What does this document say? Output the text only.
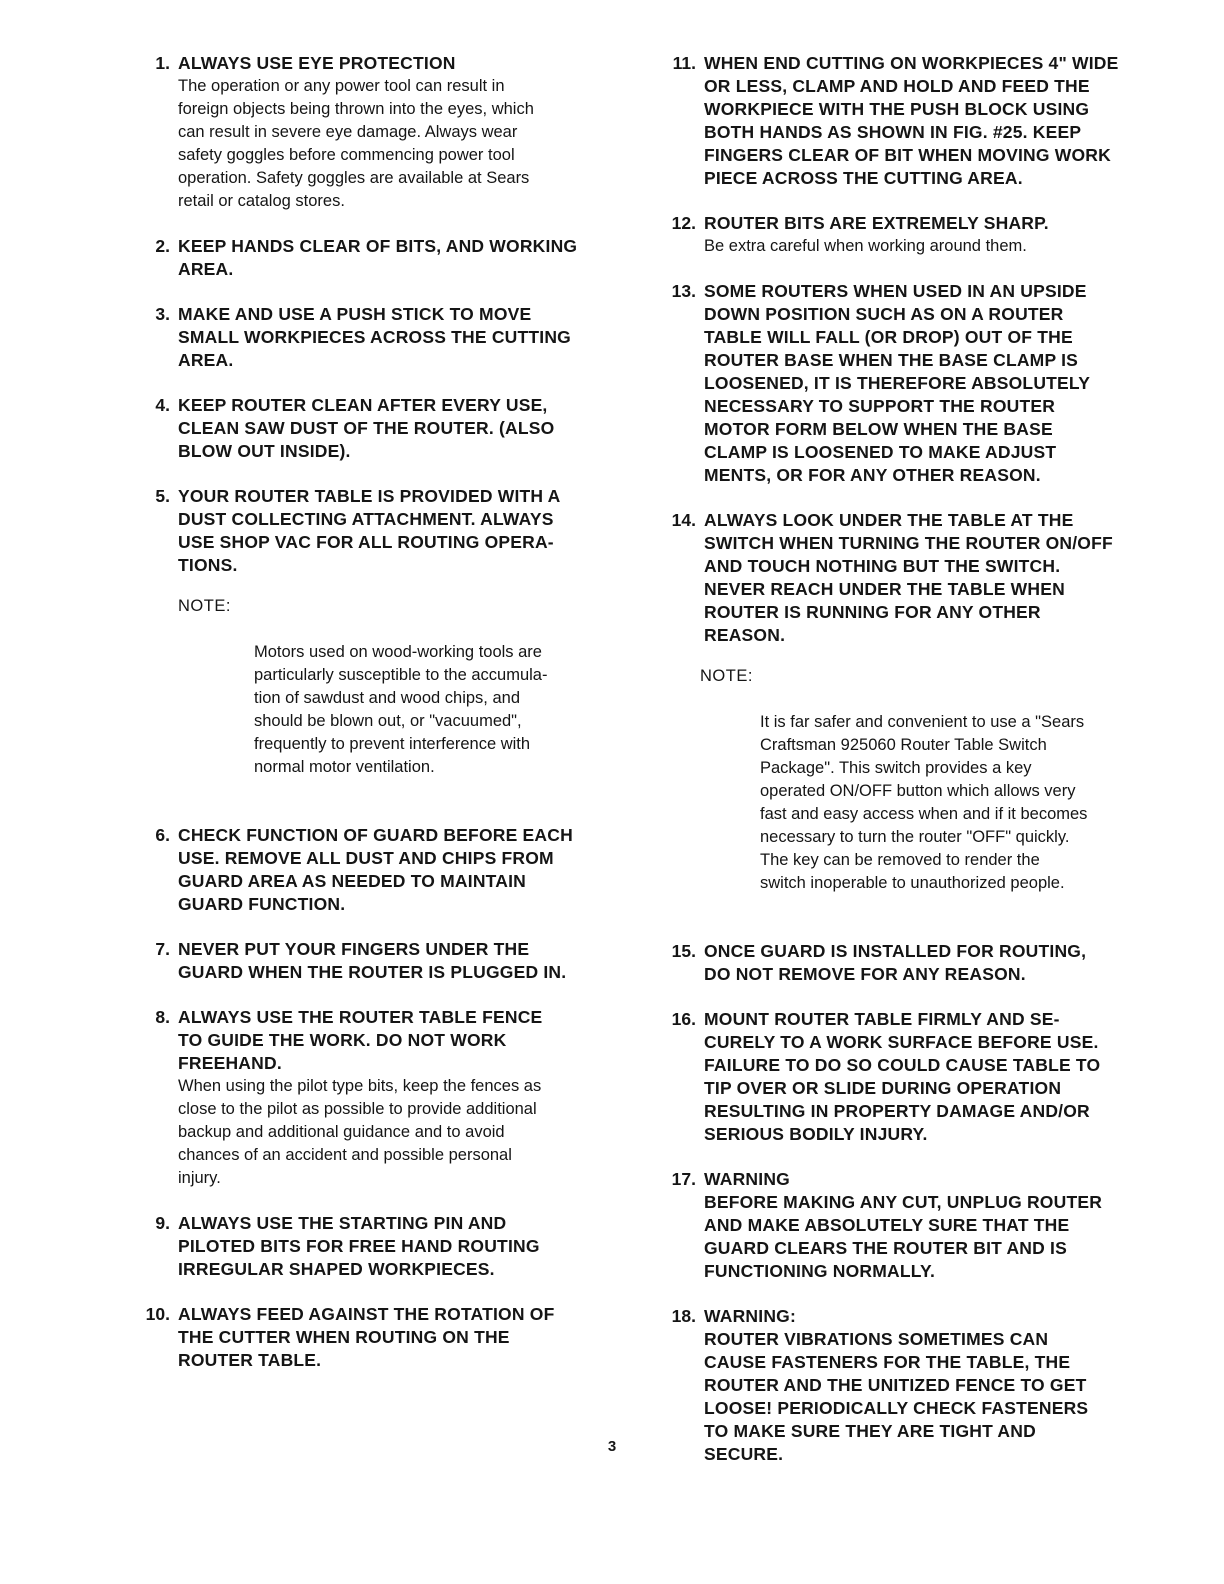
1. ALWAYS USE EYE PROTECTION
The operation or any power tool can result in
foreign objects being thrown into the eyes, which
can result in severe eye damage. Always wear
safety goggles before commencing power tool
operation. Safety goggles are available at Sears
retail or catalog stores.
2. KEEP HANDS CLEAR OF BITS, AND WORKING
AREA.
3. MAKE AND USE A PUSH STICK TO MOVE
SMALL WORKPIECES ACROSS THE CUTTING
AREA.
4. KEEP ROUTER CLEAN AFTER EVERY USE,
CLEAN SAW DUST OF THE ROUTER. (ALSO
BLOW OUT INSIDE).
5. YOUR ROUTER TABLE IS PROVIDED WITH A
DUST COLLECTING ATTACHMENT. ALWAYS
USE SHOP VAC FOR ALL ROUTING OPERA-
TIONS.

NOTE:

Motors used on wood-working tools are
particularly susceptible to the accumula-
tion of sawdust and wood chips, and
should be blown out, or "vacuumed",
frequently to prevent interference with
normal motor ventilation.

6. CHECK FUNCTION OF GUARD BEFORE EACH
USE. REMOVE ALL DUST AND CHIPS FROM
GUARD AREA AS NEEDED TO MAINTAIN
GUARD FUNCTION.
7. NEVER PUT YOUR FINGERS UNDER THE
GUARD WHEN THE ROUTER IS PLUGGED IN.
8. ALWAYS USE THE ROUTER TABLE FENCE
TO GUIDE THE WORK. DO NOT WORK
FREEHAND.
When using the pilot type bits, keep the fences as
close to the pilot as possible to provide additional
backup and additional guidance and to avoid
chances of an accident and possible personal
injury.
9. ALWAYS USE THE STARTING PIN AND
PILOTED BITS FOR FREE HAND ROUTING
IRREGULAR SHAPED WORKPIECES.
10. ALWAYS FEED AGAINST THE ROTATION OF
THE CUTTER WHEN ROUTING ON THE
ROUTER TABLE.
11. WHEN END CUTTING ON WORKPIECES 4" WIDE
OR LESS, CLAMP AND HOLD AND FEED THE
WORKPIECE WITH THE PUSH BLOCK USING
BOTH HANDS AS SHOWN IN FIG. #25. KEEP
FINGERS CLEAR OF BIT WHEN MOVING WORK
PIECE ACROSS THE CUTTING AREA.
12. ROUTER BITS ARE EXTREMELY SHARP.
Be extra careful when working around them.
13. SOME ROUTERS WHEN USED IN AN UPSIDE
DOWN POSITION SUCH AS ON A ROUTER
TABLE WILL FALL (OR DROP) OUT OF THE
ROUTER BASE WHEN THE BASE CLAMP IS
LOOSENED, IT IS THEREFORE ABSOLUTELY
NECESSARY TO SUPPORT THE ROUTER
MOTOR FORM BELOW WHEN THE BASE
CLAMP IS LOOSENED TO MAKE ADJUST
MENTS, OR FOR ANY OTHER REASON.
14. ALWAYS LOOK UNDER THE TABLE AT THE
SWITCH WHEN TURNING THE ROUTER ON/OFF
AND TOUCH NOTHING BUT THE SWITCH.
NEVER REACH UNDER THE TABLE WHEN
ROUTER IS RUNNING FOR ANY OTHER
REASON.

NOTE:

It is far safer and convenient to use a "Sears
Craftsman 925060 Router Table Switch
Package". This switch provides a key
operated ON/OFF button which allows very
fast and easy access when and if it becomes
necessary to turn the router "OFF" quickly.
The key can be removed to render the
switch inoperable to unauthorized people.

15. ONCE GUARD IS INSTALLED FOR ROUTING,
DO NOT REMOVE FOR ANY REASON.
16. MOUNT ROUTER TABLE FIRMLY AND SE-
CURELY TO A WORK SURFACE BEFORE USE.
FAILURE TO DO SO COULD CAUSE TABLE TO
TIP OVER OR SLIDE DURING OPERATION
RESULTING IN PROPERTY DAMAGE AND/OR
SERIOUS BODILY INJURY.
17. WARNING
BEFORE MAKING ANY CUT, UNPLUG ROUTER
AND MAKE ABSOLUTELY SURE THAT THE
GUARD CLEARS THE ROUTER BIT AND IS
FUNCTIONING NORMALLY.
18. WARNING:
ROUTER VIBRATIONS SOMETIMES CAN
CAUSE FASTENERS FOR THE TABLE, THE
ROUTER AND THE UNITIZED FENCE TO GET
LOOSE! PERIODICALLY CHECK FASTENERS
TO MAKE SURE THEY ARE TIGHT AND
SECURE.
3
